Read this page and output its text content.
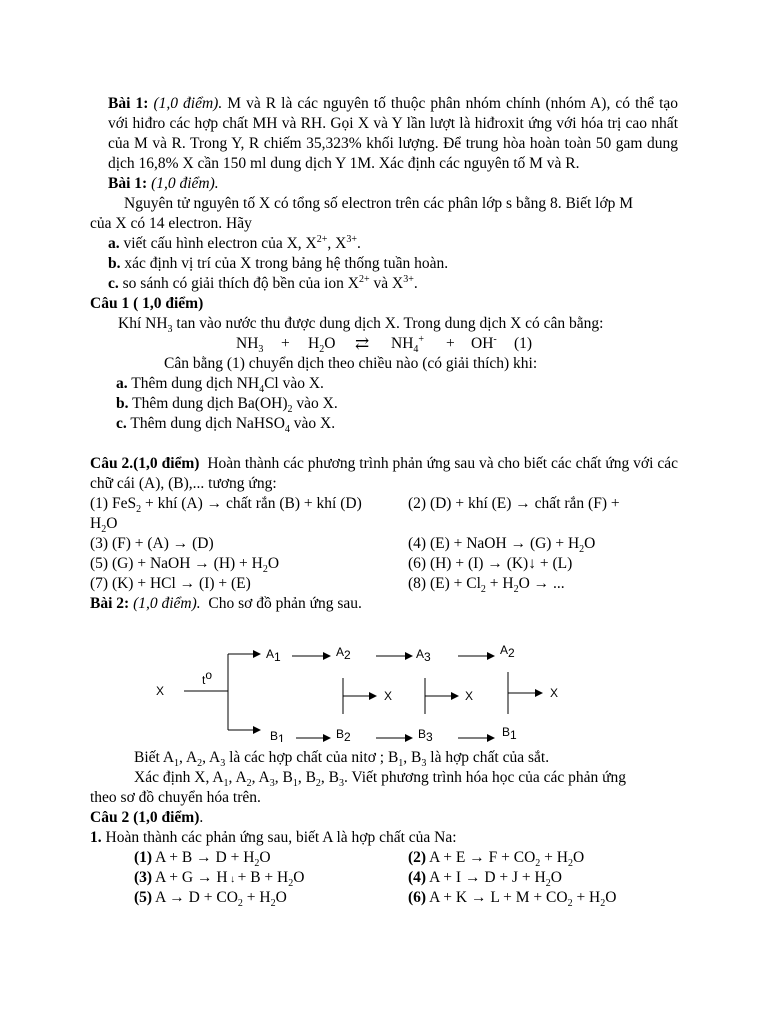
Bài 1: (1,0 điểm). M và R là các nguyên tố thuộc phân nhóm chính (nhóm A), có thể tạo với hiđro các hợp chất MH và RH. Gọi X và Y lần lượt là hiđroxit ứng với hóa trị cao nhất của M và R. Trong Y, R chiếm 35,323% khối lượng. Để trung hòa hoàn toàn 50 gam dung dịch 16,8% X cần 150 ml dung dịch Y 1M. Xác định các nguyên tố M và R.
Bài 1: (1,0 điểm).
Nguyên tử nguyên tố X có tổng số electron trên các phân lớp s bằng 8. Biết lớp M
của X có 14 electron. Hãy
a. viết cấu hình electron của X, $X^{2+}$, $X^{3+}$.
b. xác định vị trí của X trong bảng hệ thống tuần hoàn.
c. so sánh có giải thích độ bền của ion $X^{2+}$ và $X^{3+}$.
Câu 1 ( 1,0 điểm)
Khí $NH_3$ tan vào nước thu được dung dịch X. Trong dung dịch X có cân bằng:
$NH_3 + H_2O$ ⇄ $NH_4^+ + OH^-$ (1)
Cân bằng (1) chuyển dịch theo chiều nào (có giải thích) khi:
a. Thêm dung dịch $NH_4Cl$ vào X.
b. Thêm dung dịch $Ba(OH)_2$ vào X.
c. Thêm dung dịch NaHSO$_4$ vào X.
Câu 2.(1,0 điểm) Hoàn thành các phương trình phản ứng sau và cho biết các chất ứng với các chữ cái (A), (B),... tương ứng:
(1) FeS$_2$ + khí (A) → chất rắn (B) + khí (D)	(2) (D) + khí (E) → chất rắn (F) +
$H_2O$
(3) (F) + (A) → (D)	(4) (E) + NaOH → $(G) + H_2O$
(5) (G) + NaOH → $(H) + H_2O$	(6) (H) + (I) → (K)↓ + (L)
(7) (K) + HCl → (I) + (E)	(8) $(E) + Cl_2 + H_2O$ → ...
Bài 2: (1,0 điểm). Cho sơ đồ phản ứng sau.
X
to
A1	A2	A3	A2
B1	B2	B3	B1
X	X	X
Biết $A_1$, $A_2$, $A_3$ là các hợp chất của nitơ ; $B_1$, $B_3$ là hợp chất của sắt.
Xác định X, $A_1$, $A_2$, $A_3$, $B_1$, $B_2$, $B_3$. Viết phương trình hóa học của các phản ứng
theo sơ đồ chuyển hóa trên.
Câu 2 (1,0 điểm).
1. Hoàn thành các phản ứng sau, biết A là hợp chất của Na:
(1) $A + B \to D + H_2O$	(2) $A + E \to F + CO_2 + H_2O$
(3) A + G → H ↓ + $B + H_2O$	(4) $A + I \to D + J + H_2O$
(5) $A \to D + CO_2 + H_2O$	(6) $A + K \to L + M + CO_2 + H_2O$
